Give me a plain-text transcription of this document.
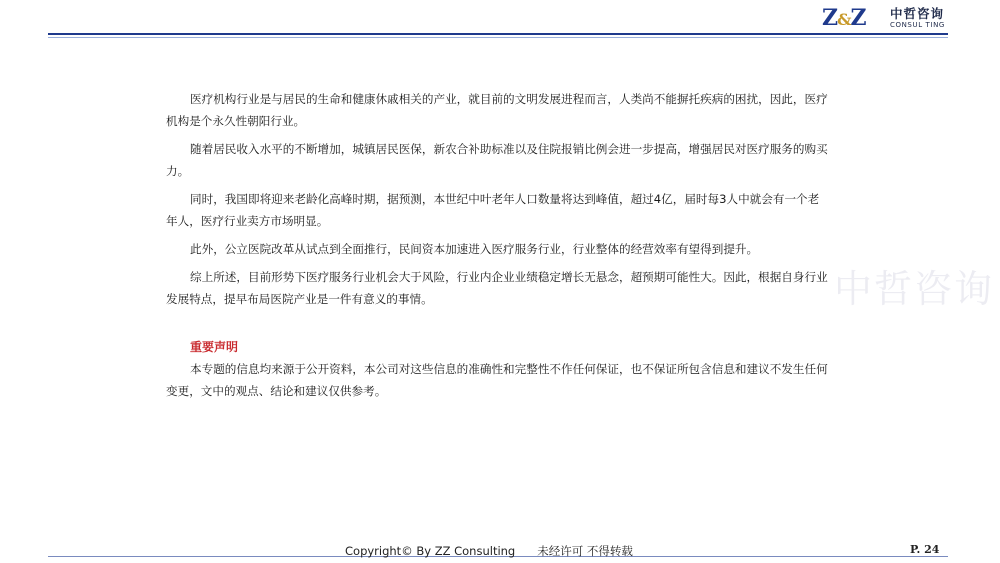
Z&Z 中哲咨询
CONSUL TING

医疗机构行业是与居民的生命和健康休戚相关的产业，就目前的文明发展进程而言，人类尚不能摒托疾病的困扰，因此，医疗机构是个永久性朝阳行业。

随着居民收入水平的不断增加，城镇居民医保，新农合补助标准以及住院报销比例会进一步提高，增强居民对医疗服务的购买力。

同时，我国即将迎来老龄化高峰时期，据预测，本世纪中叶老年人口数量将达到峰值，超过4亿，届时每3人中就会有一个老年人，医疗行业卖方市场明显。

此外，公立医院改革从试点到全面推行，民间资本加速进入医疗服务行业，行业整体的经营效率有望得到提升。

综上所述，目前形势下医疗服务行业机会大于风险，行业内企业业绩稳定增长无悬念，超预期可能性大。因此，根据自身行业发展特点，提早布局医院产业是一件有意义的事情。

重要声明

本专题的信息均来源于公开资料，本公司对这些信息的准确性和完整性不作任何保证，也不保证所包含信息和建议不发生任何变更，文中的观点、结论和建议仅供参考。

中哲咨询
Copyright© By ZZ Consulting 未经许可 不得转载	P. 24
